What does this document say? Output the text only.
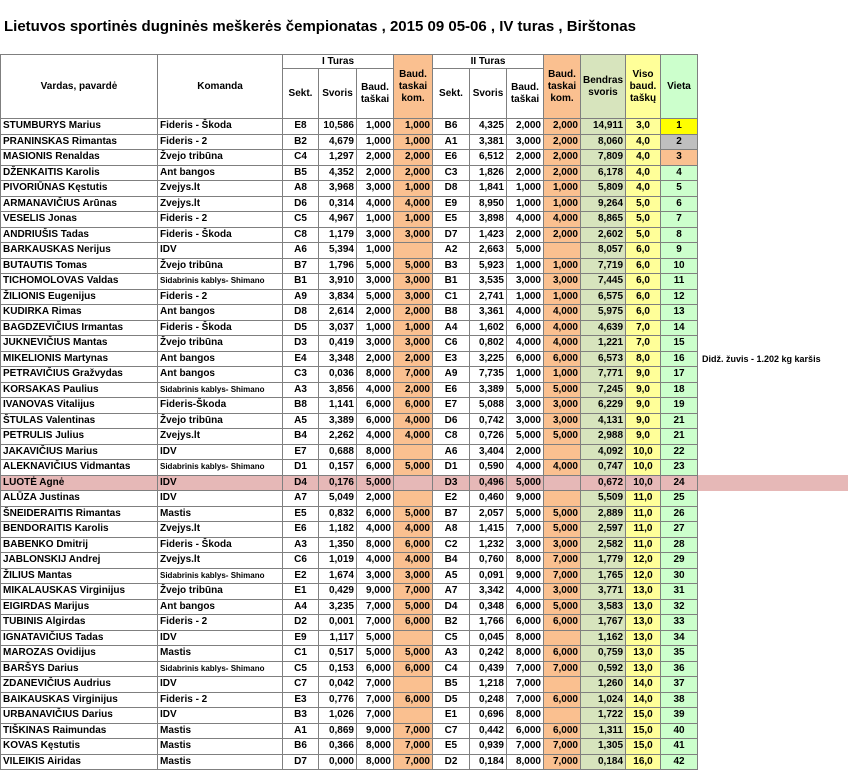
Lietuvos sportinės dugninės meškerės čempionatas , 2015 09 05-06 , IV turas , Birštonas
Vardas, pavardė	Komanda	I Turas			Baud. taskai kom.	II Turas			Baud. taskai kom.	Bendras svoris	Viso baud. taškų	Vieta	
		Sekt.	Svoris	Baud. taškai		Sekt.	Svoris	Baud. taškai					
STUMBURYS Marius	Fideris - Škoda	E8	10,586	1,000	1,000	B6	4,325	2,000	2,000	14,911	3,0	1	
PRANINSKAS Rimantas	Fideris - 2	B2	4,679	1,000	1,000	A1	3,381	3,000	2,000	8,060	4,0	2	
MASIONIS Renaldas	Žvejo tribūna	C4	1,297	2,000	2,000	E6	6,512	2,000	2,000	7,809	4,0	3	
DŽENKAITIS Karolis	Ant bangos	B5	4,352	2,000	2,000	C3	1,826	2,000	2,000	6,178	4,0	4	
PIVORIŪNAS Kęstutis	Zvejys.lt	A8	3,968	3,000	1,000	D8	1,841	1,000	1,000	5,809	4,0	5	
ARMANAVIČIUS Arūnas	Zvejys.lt	D6	0,314	4,000	4,000	E9	8,950	1,000	1,000	9,264	5,0	6	
VESELIS Jonas	Fideris - 2	C5	4,967	1,000	1,000	E5	3,898	4,000	4,000	8,865	5,0	7	
ANDRIUŠIS Tadas	Fideris - Škoda	C8	1,179	3,000	3,000	D7	1,423	2,000	2,000	2,602	5,0	8	
BARKAUSKAS Nerijus	IDV	A6	5,394	1,000		A2	2,663	5,000		8,057	6,0	9	
BUTAUTIS Tomas	Žvejo tribūna	B7	1,796	5,000	5,000	B3	5,923	1,000	1,000	7,719	6,0	10	
TICHOMOLOVAS Valdas	Sidabrinis kablys- Shimano	B1	3,910	3,000	3,000	B1	3,535	3,000	3,000	7,445	6,0	11	
ŽILIONIS Eugenijus	Fideris - 2	A9	3,834	5,000	3,000	C1	2,741	1,000	1,000	6,575	6,0	12	
KUDIRKA Rimas	Ant bangos	D8	2,614	2,000	2,000	B8	3,361	4,000	4,000	5,975	6,0	13	
BAGDZEVIČIUS Irmantas	Fideris - Škoda	D5	3,037	1,000	1,000	A4	1,602	6,000	4,000	4,639	7,0	14	
JUKNEVIČIUS Mantas	Žvejo tribūna	D3	0,419	3,000	3,000	C6	0,802	4,000	4,000	1,221	7,0	15	
MIKELIONIS Martynas	Ant bangos	E4	3,348	2,000	2,000	E3	3,225	6,000	6,000	6,573	8,0	16	Didž. žuvis - 1.202 kg karšis
PETRAVIČIUS Gražvydas	Ant bangos	C3	0,036	8,000	7,000	A9	7,735	1,000	1,000	7,771	9,0	17	
KORSAKAS Paulius	Sidabrinis kablys- Shimano	A3	3,856	4,000	2,000	E6	3,389	5,000	5,000	7,245	9,0	18	
IVANOVAS Vitalijus	Fideris-Škoda	B8	1,141	6,000	6,000	E7	5,088	3,000	3,000	6,229	9,0	19	
ŠTULAS Valentinas	Žvejo tribūna	A5	3,389	6,000	4,000	D6	0,742	3,000	3,000	4,131	9,0	21	
PETRULIS Julius	Zvejys.lt	B4	2,262	4,000	4,000	C8	0,726	5,000	5,000	2,988	9,0	21	
JAKAVIČIUS Marius	IDV	E7	0,688	8,000		A6	3,404	2,000		4,092	10,0	22	
ALEKNAVIČIUS Vidmantas	Sidabrinis kablys- Shimano	D1	0,157	6,000	5,000	D1	0,590	4,000	4,000	0,747	10,0	23	
LUOTĖ Agnė	IDV	D4	0,176	5,000		D3	0,496	5,000		0,672	10,0	24	
ALŪZA Justinas	IDV	A7	5,049	2,000		E2	0,460	9,000		5,509	11,0	25	
ŠNEIDERAITIS Rimantas	Mastis	E5	0,832	6,000	5,000	B7	2,057	5,000	5,000	2,889	11,0	26	
BENDORAITIS Karolis	Zvejys.lt	E6	1,182	4,000	4,000	A8	1,415	7,000	5,000	2,597	11,0	27	
BABENKO Dmitrij	Fideris - Škoda	A3	1,350	8,000	6,000	C2	1,232	3,000	3,000	2,582	11,0	28	
JABLONSKIJ Andrej	Zvejys.lt	C6	1,019	4,000	4,000	B4	0,760	8,000	7,000	1,779	12,0	29	
ŽILIUS Mantas	Sidabrinis kablys- Shimano	E2	1,674	3,000	3,000	A5	0,091	9,000	7,000	1,765	12,0	30	
MIKALAUSKAS Virginijus	Žvejo tribūna	E1	0,429	9,000	7,000	A7	3,342	4,000	3,000	3,771	13,0	31	
EIGIRDAS Marijus	Ant bangos	A4	3,235	7,000	5,000	D4	0,348	6,000	5,000	3,583	13,0	32	
TUBINIS Algirdas	Fideris - 2	D2	0,001	7,000	6,000	B2	1,766	6,000	6,000	1,767	13,0	33	
IGNATAVIČIUS Tadas	IDV	E9	1,117	5,000		C5	0,045	8,000		1,162	13,0	34	
MAROZAS Ovidijus	Mastis	C1	0,517	5,000	5,000	A3	0,242	8,000	6,000	0,759	13,0	35	
BARŠYS Darius	Sidabrinis kablys- Shimano	C5	0,153	6,000	6,000	C4	0,439	7,000	7,000	0,592	13,0	36	
ZDANEVIČIUS Audrius	IDV	C7	0,042	7,000		B5	1,218	7,000		1,260	14,0	37	
BAIKAUSKAS Virginijus	Fideris - 2	E3	0,776	7,000	6,000	D5	0,248	7,000	6,000	1,024	14,0	38	
URBANAVIČIUS Darius	IDV	B3	1,026	7,000		E1	0,696	8,000		1,722	15,0	39	
TIŠKINAS Raimundas	Mastis	A1	0,869	9,000	7,000	C7	0,442	6,000	6,000	1,311	15,0	40	
KOVAS Kęstutis	Mastis	B6	0,366	8,000	7,000	E5	0,939	7,000	7,000	1,305	15,0	41	
VILEIKIS Airidas	Mastis	D7	0,000	8,000	7,000	D2	0,184	8,000	7,000	0,184	16,0	42	
